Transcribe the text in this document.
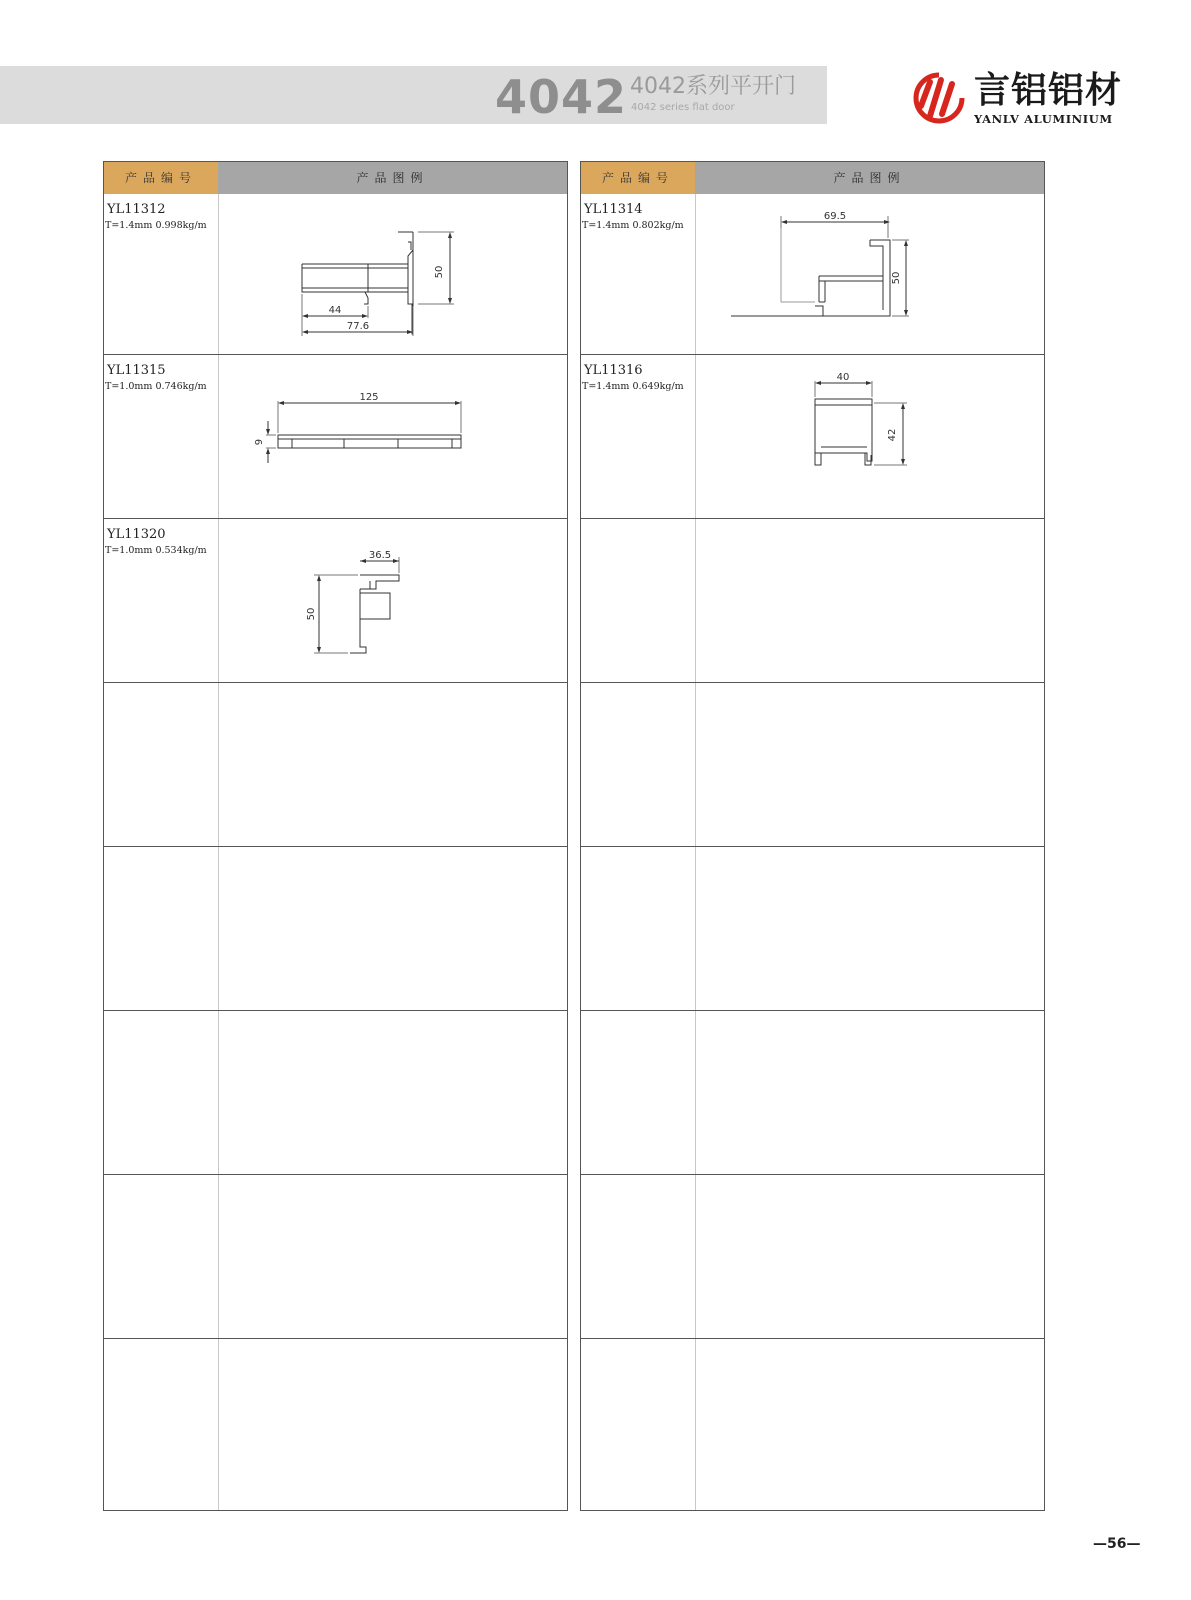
4042 4042系列平开门
4042 series flat door	言铝铝材
YANLV ALUMINIUM
产品编号	产品图例
YL11312
T=1.4mm 0.998kg/m
50
44
77.6
YL11315
T=1.0mm 0.746kg/m
125
9
YL11320
T=1.0mm 0.534kg/m	36.5
50
产品编号	产品图例
YL11314
T=1.4mm 0.802kg/m
69.5
50
YL11316
T=1.4mm 0.649kg/m
40
42
—56—
